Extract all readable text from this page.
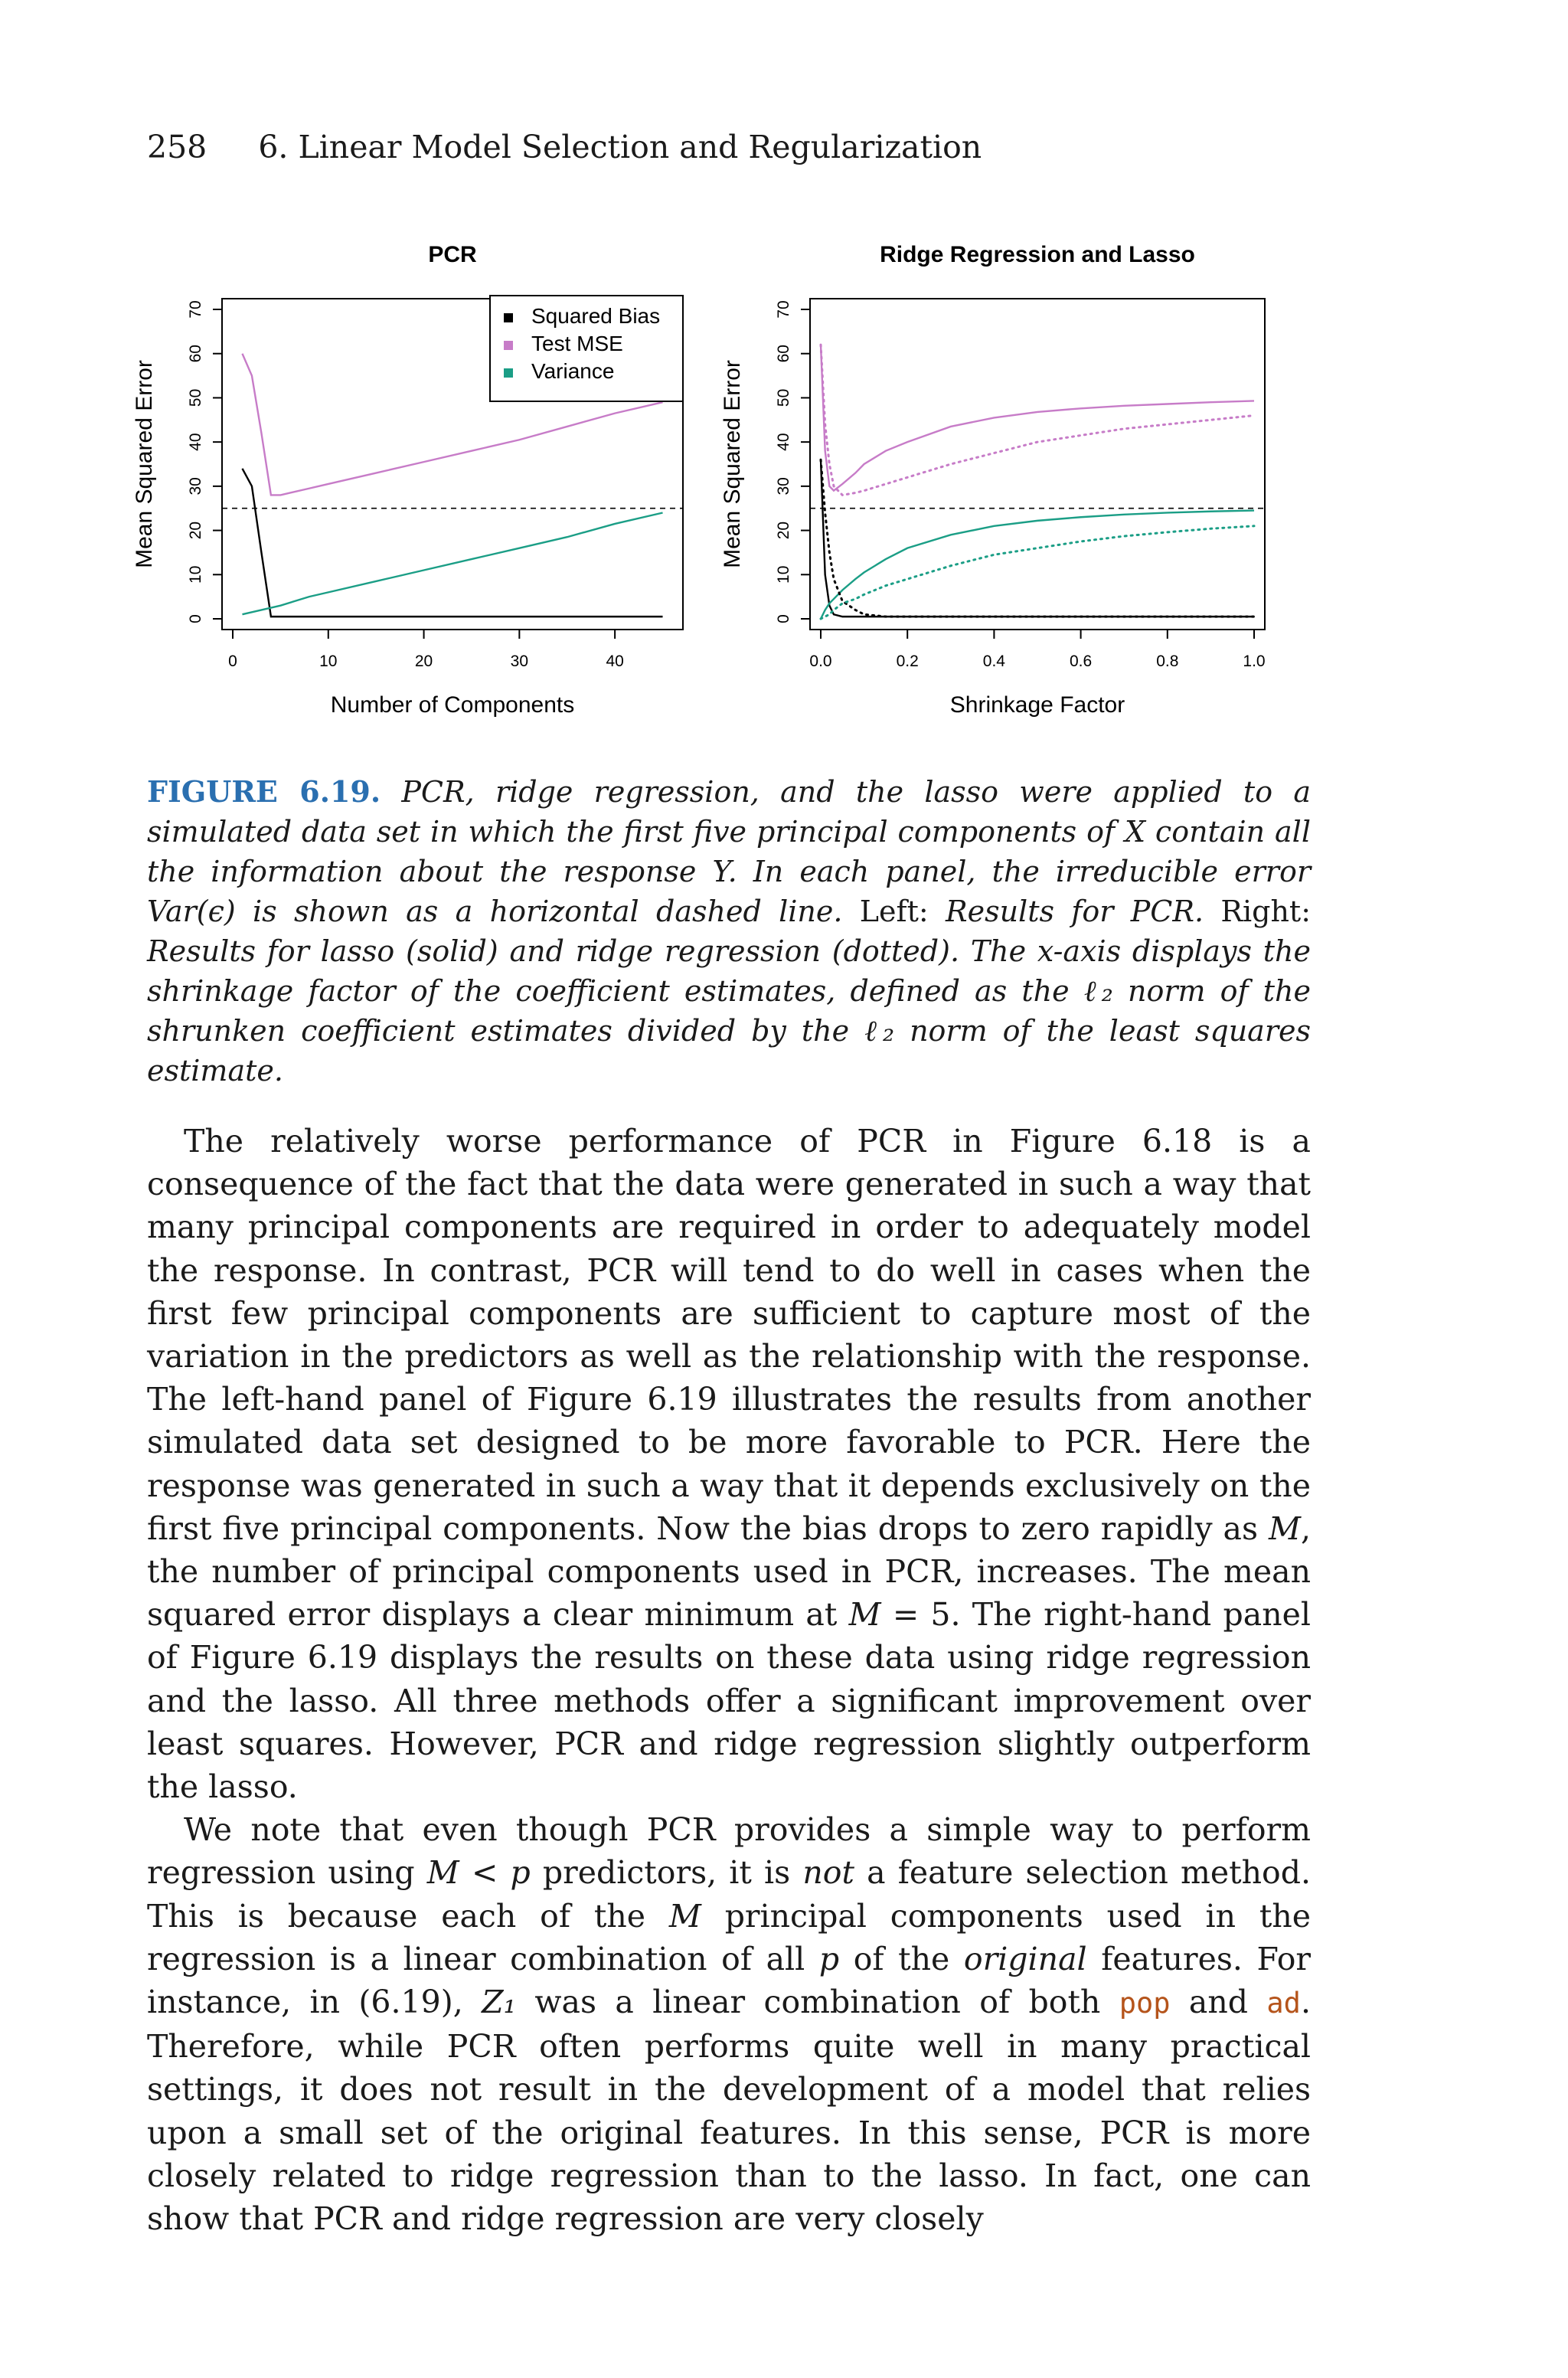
258 6. Linear Model Selection and Regularization
PCR
Number of Components
Mean Squared Error
0
10
20
30
40
50
60
70
0	10	20	30	40
Squared Bias
Test MSE
Variance
Ridge Regression and Lasso
Shrinkage Factor
Mean Squared Error
0
10
20
30
40
50
60
70
0.0	0.2	0.4	0.6	0.8	1.0
FIGURE 6.19. PCR, ridge regression, and the lasso were applied to a simulated data set in which the first five principal components of X contain all the information about the response Y. In each panel, the irreducible error Var(ϵ) is shown as a horizontal dashed line. Left: Results for PCR. Right: Results for lasso (solid) and ridge regression (dotted). The x-axis displays the shrinkage factor of the coefficient estimates, defined as the ℓ₂ norm of the shrunken coefficient estimates divided by the ℓ₂ norm of the least squares estimate.

The relatively worse performance of PCR in Figure 6.18 is a consequence of the fact that the data were generated in such a way that many principal components are required in order to adequately model the response. In contrast, PCR will tend to do well in cases when the first few principal components are sufficient to capture most of the variation in the predictors as well as the relationship with the response. The left-hand panel of Figure 6.19 illustrates the results from another simulated data set designed to be more favorable to PCR. Here the response was generated in such a way that it depends exclusively on the first five principal components. Now the bias drops to zero rapidly as M, the number of principal components used in PCR, increases. The mean squared error displays a clear minimum at M = 5. The right-hand panel of Figure 6.19 displays the results on these data using ridge regression and the lasso. All three methods offer a significant improvement over least squares. However, PCR and ridge regression slightly outperform the lasso.

We note that even though PCR provides a simple way to perform regression using M < p predictors, it is not a feature selection method. This is because each of the M principal components used in the regression is a linear combination of all p of the original features. For instance, in (6.19), Z₁ was a linear combination of both pop and ad. Therefore, while PCR often performs quite well in many practical settings, it does not result in the development of a model that relies upon a small set of the original features. In this sense, PCR is more closely related to ridge regression than to the lasso. In fact, one can show that PCR and ridge regression are very closely
